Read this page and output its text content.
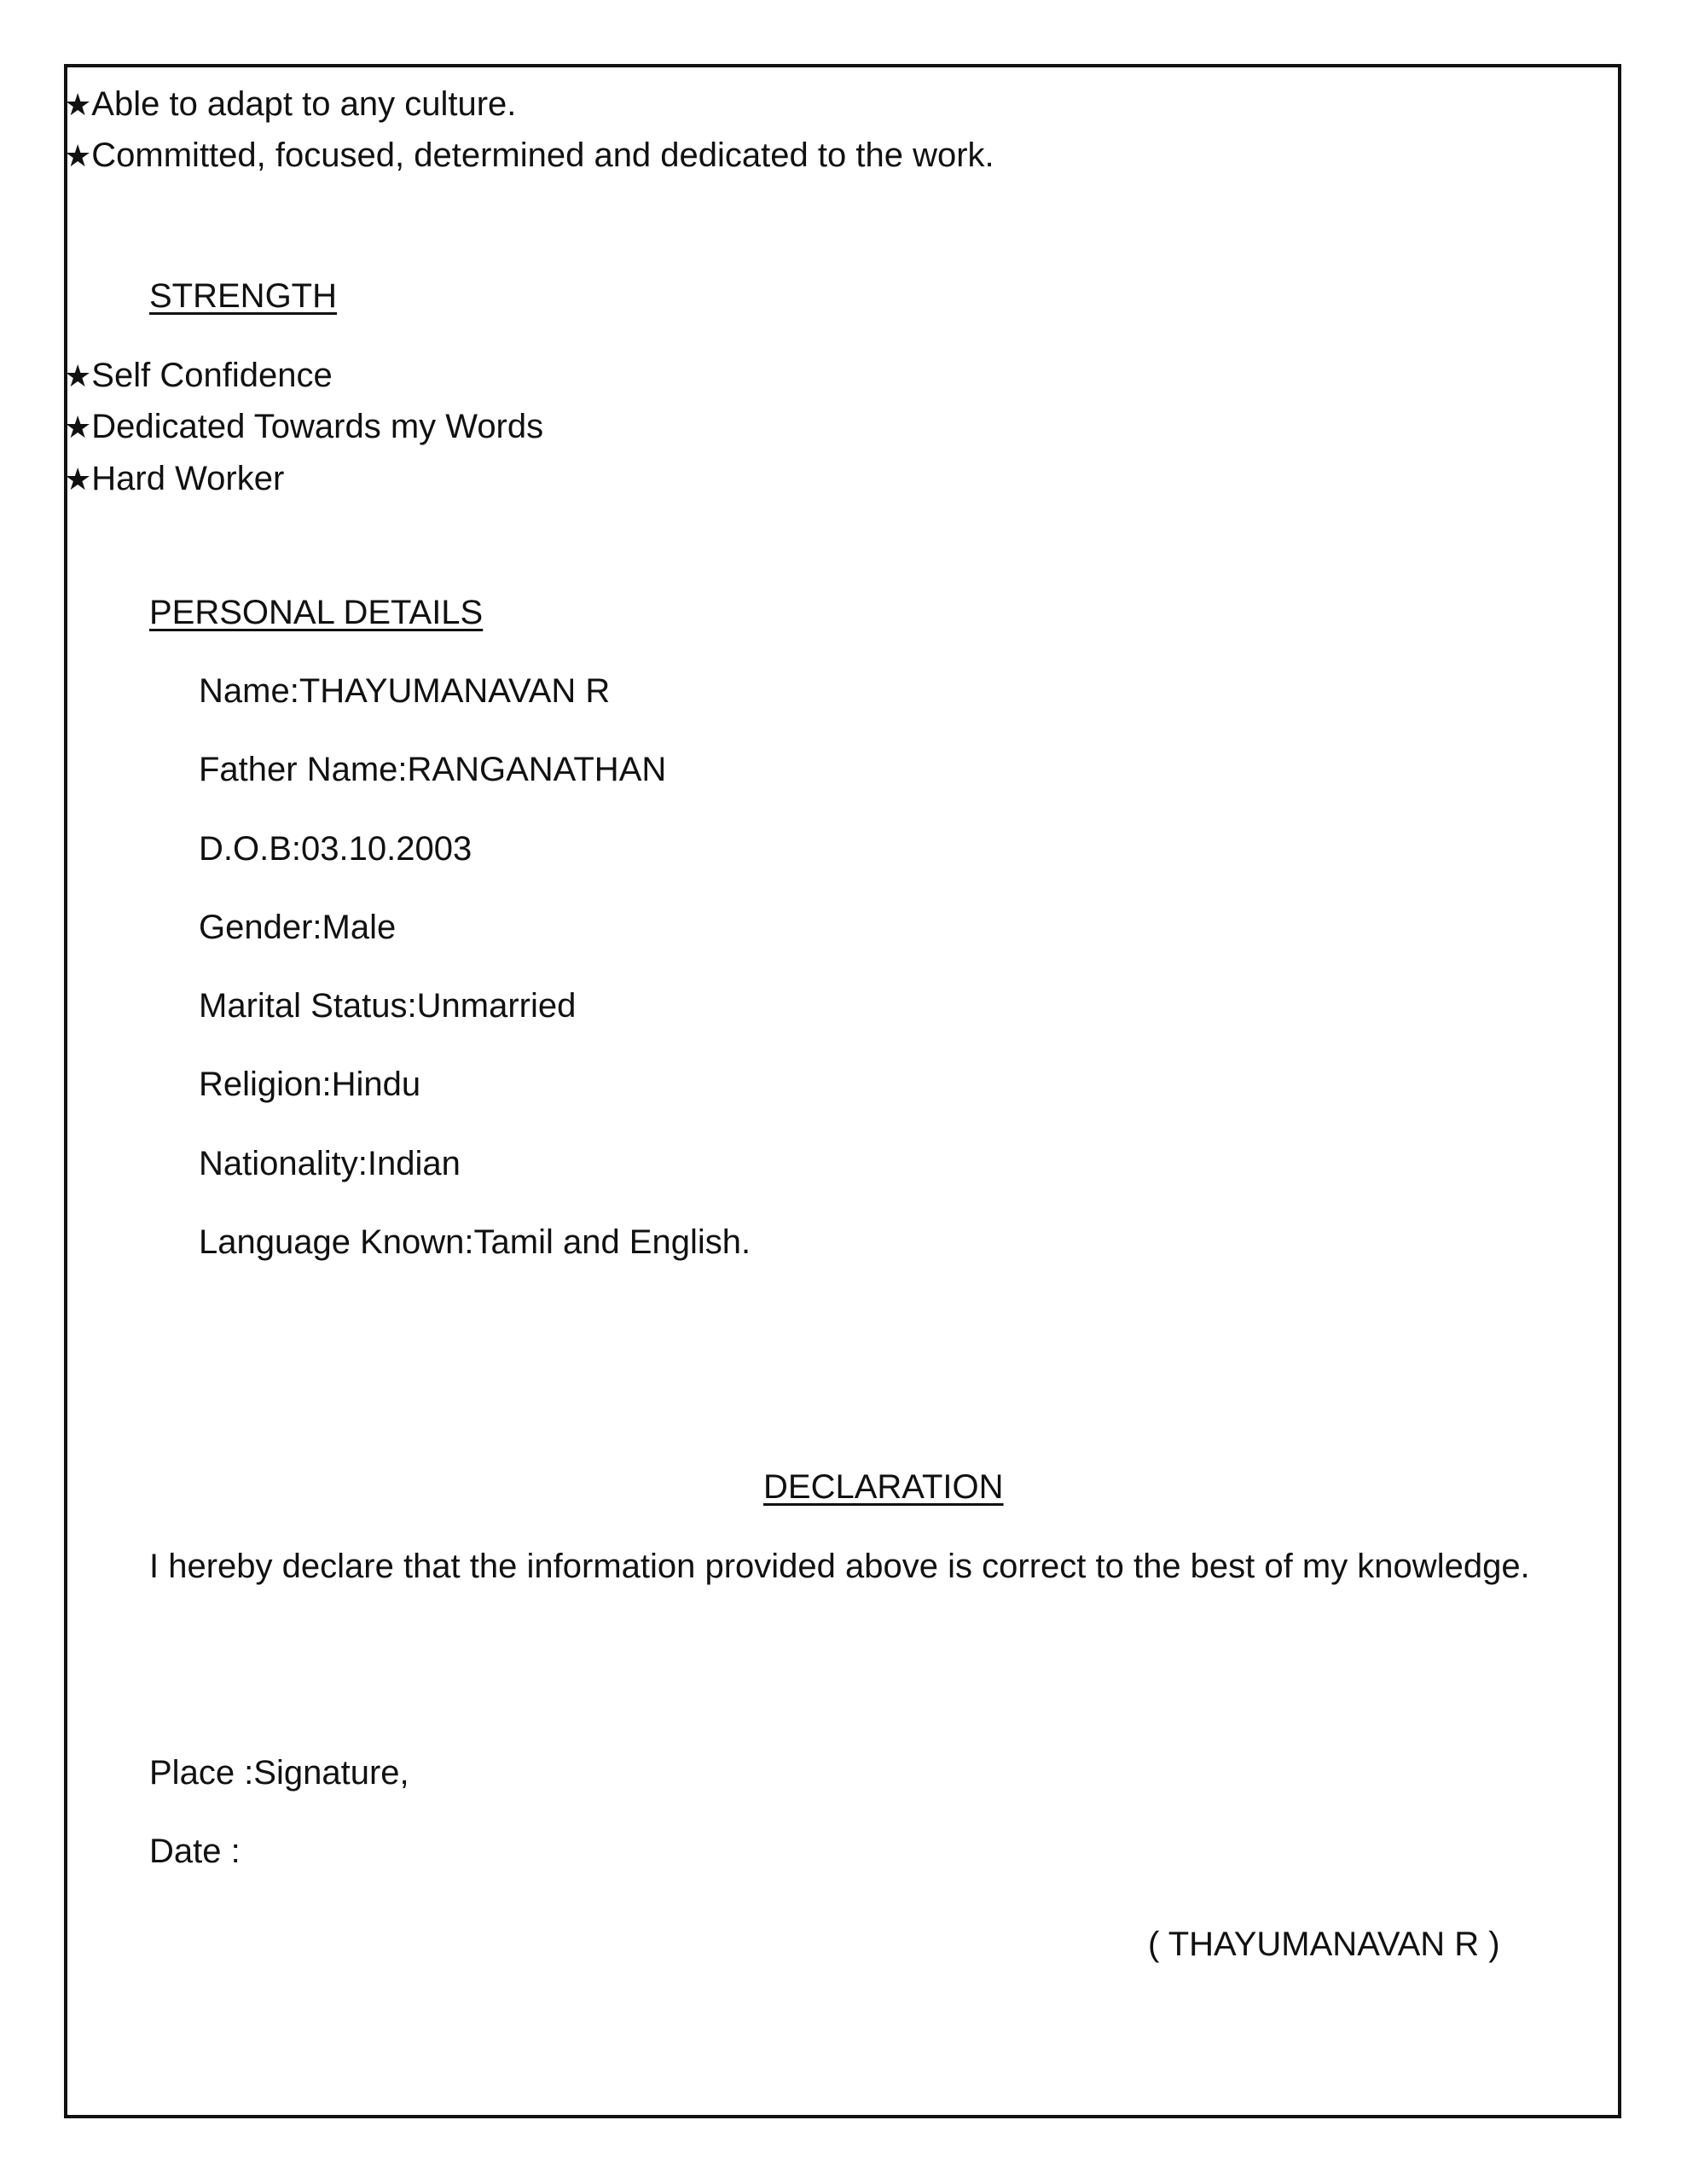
★Able to adapt to any culture.

★Committed, focused, determined and dedicated to the work.

STRENGTH

★Self Confidence

★Dedicated Towards my Words

★Hard Worker

PERSONAL DETAILS

Name:THAYUMANAVAN R

Father Name:RANGANATHAN

D.O.B:03.10.2003

Gender:Male

Marital Status:Unmarried

Religion:Hindu

Nationality:Indian

Language Known:Tamil and English.

DECLARATION

I hereby declare that the information provided above is correct to the best of my knowledge.

Place :Signature,

Date :

( THAYUMANAVAN R )
